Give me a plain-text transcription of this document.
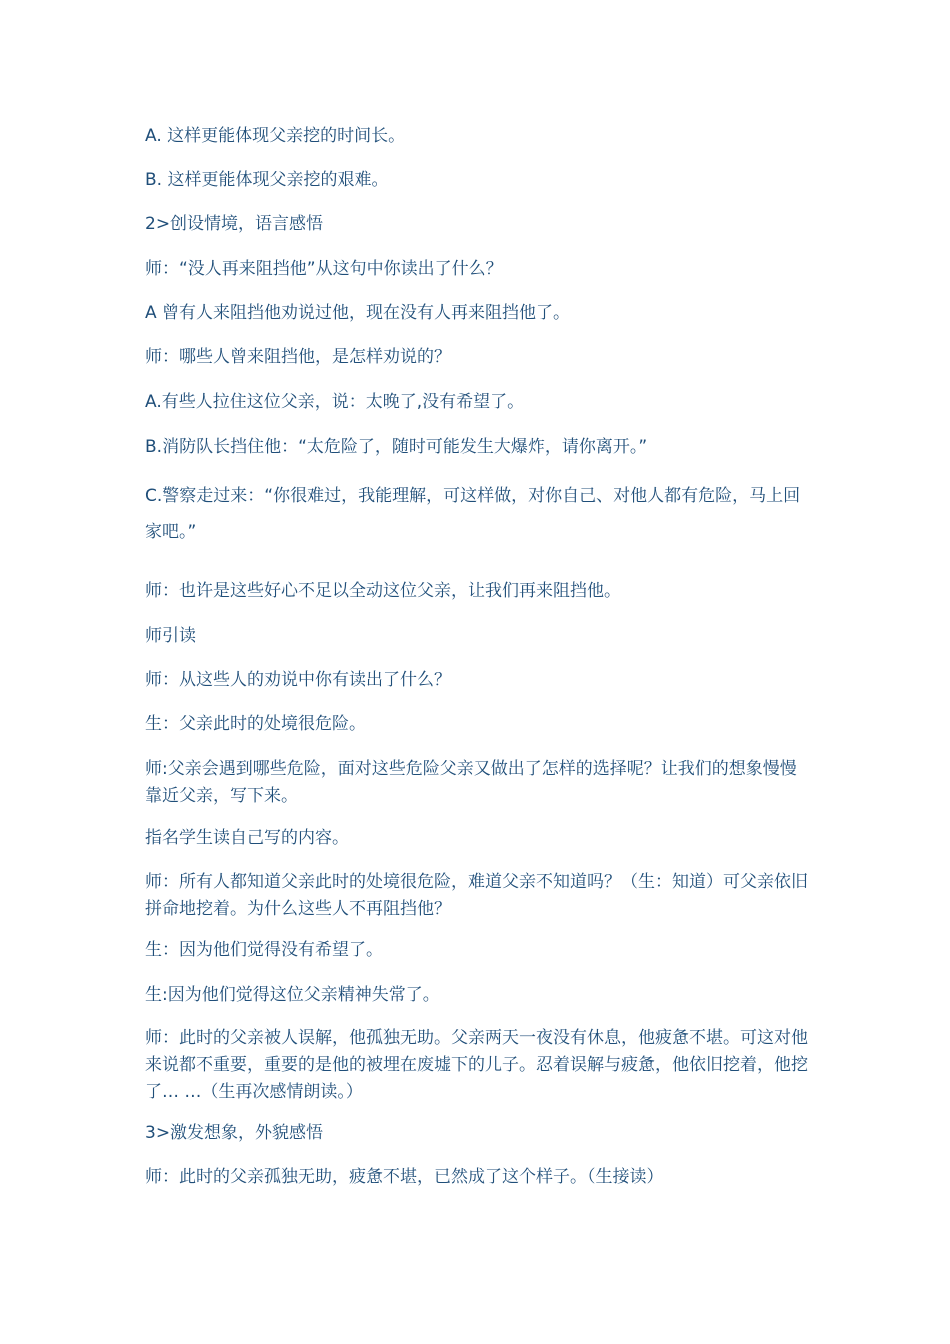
A. 这样更能体现父亲挖的时间长。

B. 这样更能体现父亲挖的艰难。

2>创设情境，语言感悟

师：“没人再来阻挡他”从这句中你读出了什么？

A 曾有人来阻挡他劝说过他，现在没有人再来阻挡他了。

师：哪些人曾来阻挡他，是怎样劝说的？

A.有些人拉住这位父亲，说：太晚了,没有希望了。

B.消防队长挡住他：“太危险了，随时可能发生大爆炸，请你离开。”

C.警察走过来：“你很难过，我能理解，可这样做，对你自己、对他人都有危险，马上回家吧。”

师：也许是这些好心不足以全动这位父亲，让我们再来阻挡他。

师引读

师：从这些人的劝说中你有读出了什么？

生：父亲此时的处境很危险。

师:父亲会遇到哪些危险，面对这些危险父亲又做出了怎样的选择呢？让我们的想象慢慢靠近父亲，写下来。

指名学生读自己写的内容。

师：所有人都知道父亲此时的处境很危险，难道父亲不知道吗？（生：知道）可父亲依旧拼命地挖着。为什么这些人不再阻挡他？

生：因为他们觉得没有希望了。

生:因为他们觉得这位父亲精神失常了。

师：此时的父亲被人误解，他孤独无助。父亲两天一夜没有休息，他疲惫不堪。可这对他来说都不重要，重要的是他的被埋在废墟下的儿子。忍着误解与疲惫，他依旧挖着，他挖了… …（生再次感情朗读。）

3>激发想象，外貌感悟

师：此时的父亲孤独无助，疲惫不堪，已然成了这个样子。（生接读）
